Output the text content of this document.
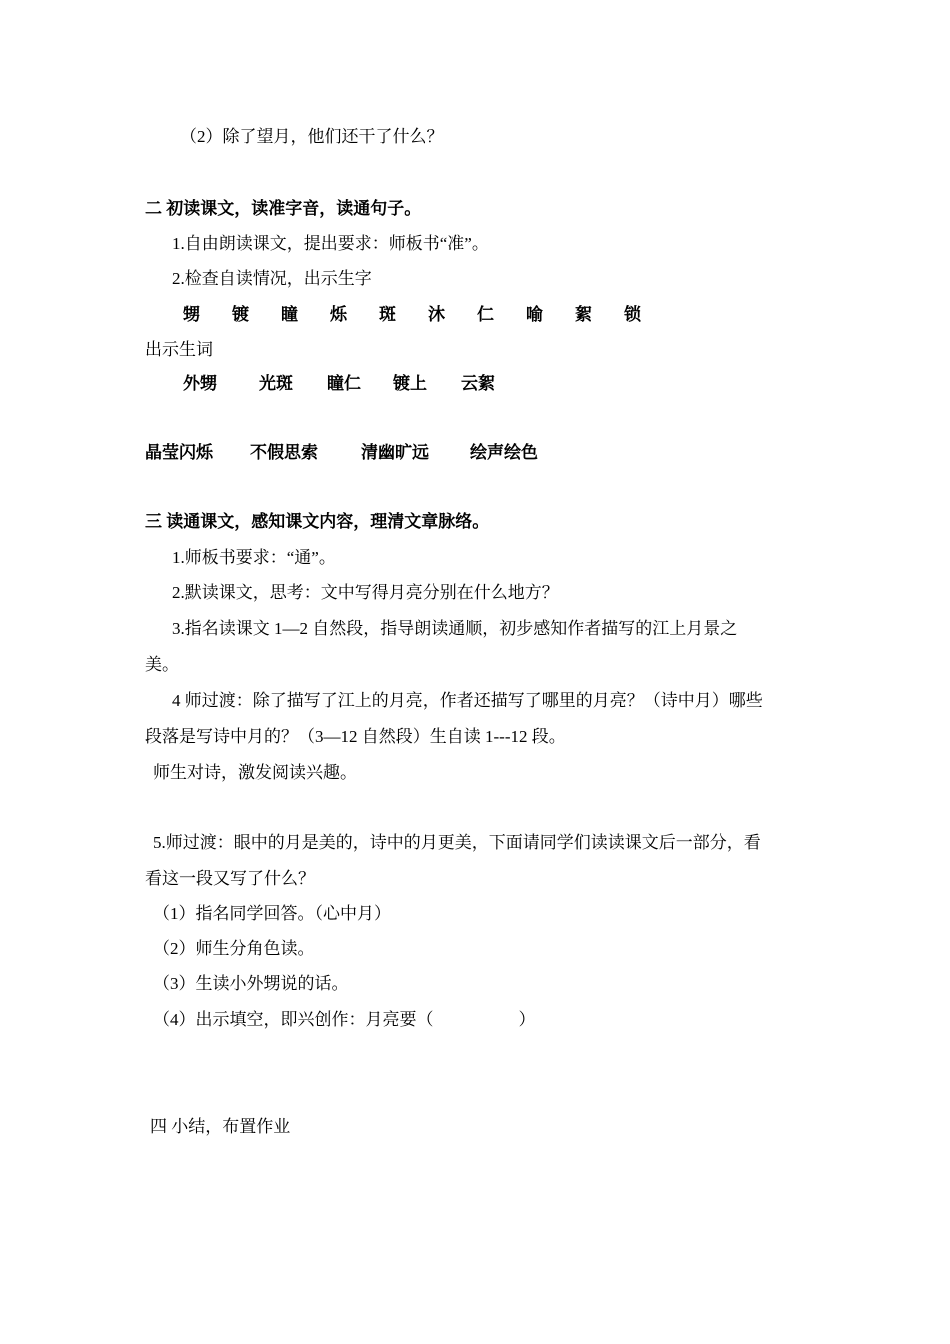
（2）除了望月，他们还干了什么？
二 初读课文，读准字音，读通句子。
1.自由朗读课文，提出要求：师板书“准”。
2.检查自读情况，出示生字
甥	镀	瞳	烁	斑	沐	仁	喻	絮	锁
出示生词
外甥	光斑	瞳仁	镀上	云絮
晶莹闪烁	不假思索	清幽旷远	绘声绘色
三 读通课文，感知课文内容，理清文章脉络。
1.师板书要求：“通”。
2.默读课文，思考：文中写得月亮分别在什么地方？
3.指名读课文 1—2 自然段，指导朗读通顺，初步感知作者描写的江上月景之
美。
4 师过渡：除了描写了江上的月亮，作者还描写了哪里的月亮？（诗中月）哪些
段落是写诗中月的？（3—12 自然段）生自读 1---12 段。
师生对诗，激发阅读兴趣。
5.师过渡：眼中的月是美的，诗中的月更美，下面请同学们读读课文后一部分，看
看这一段又写了什么？
（1）指名同学回答。（心中月）
（2）师生分角色读。
（3）生读小外甥说的话。
（4）出示填空，即兴创作：月亮要（                    ）
四 小结，布置作业
